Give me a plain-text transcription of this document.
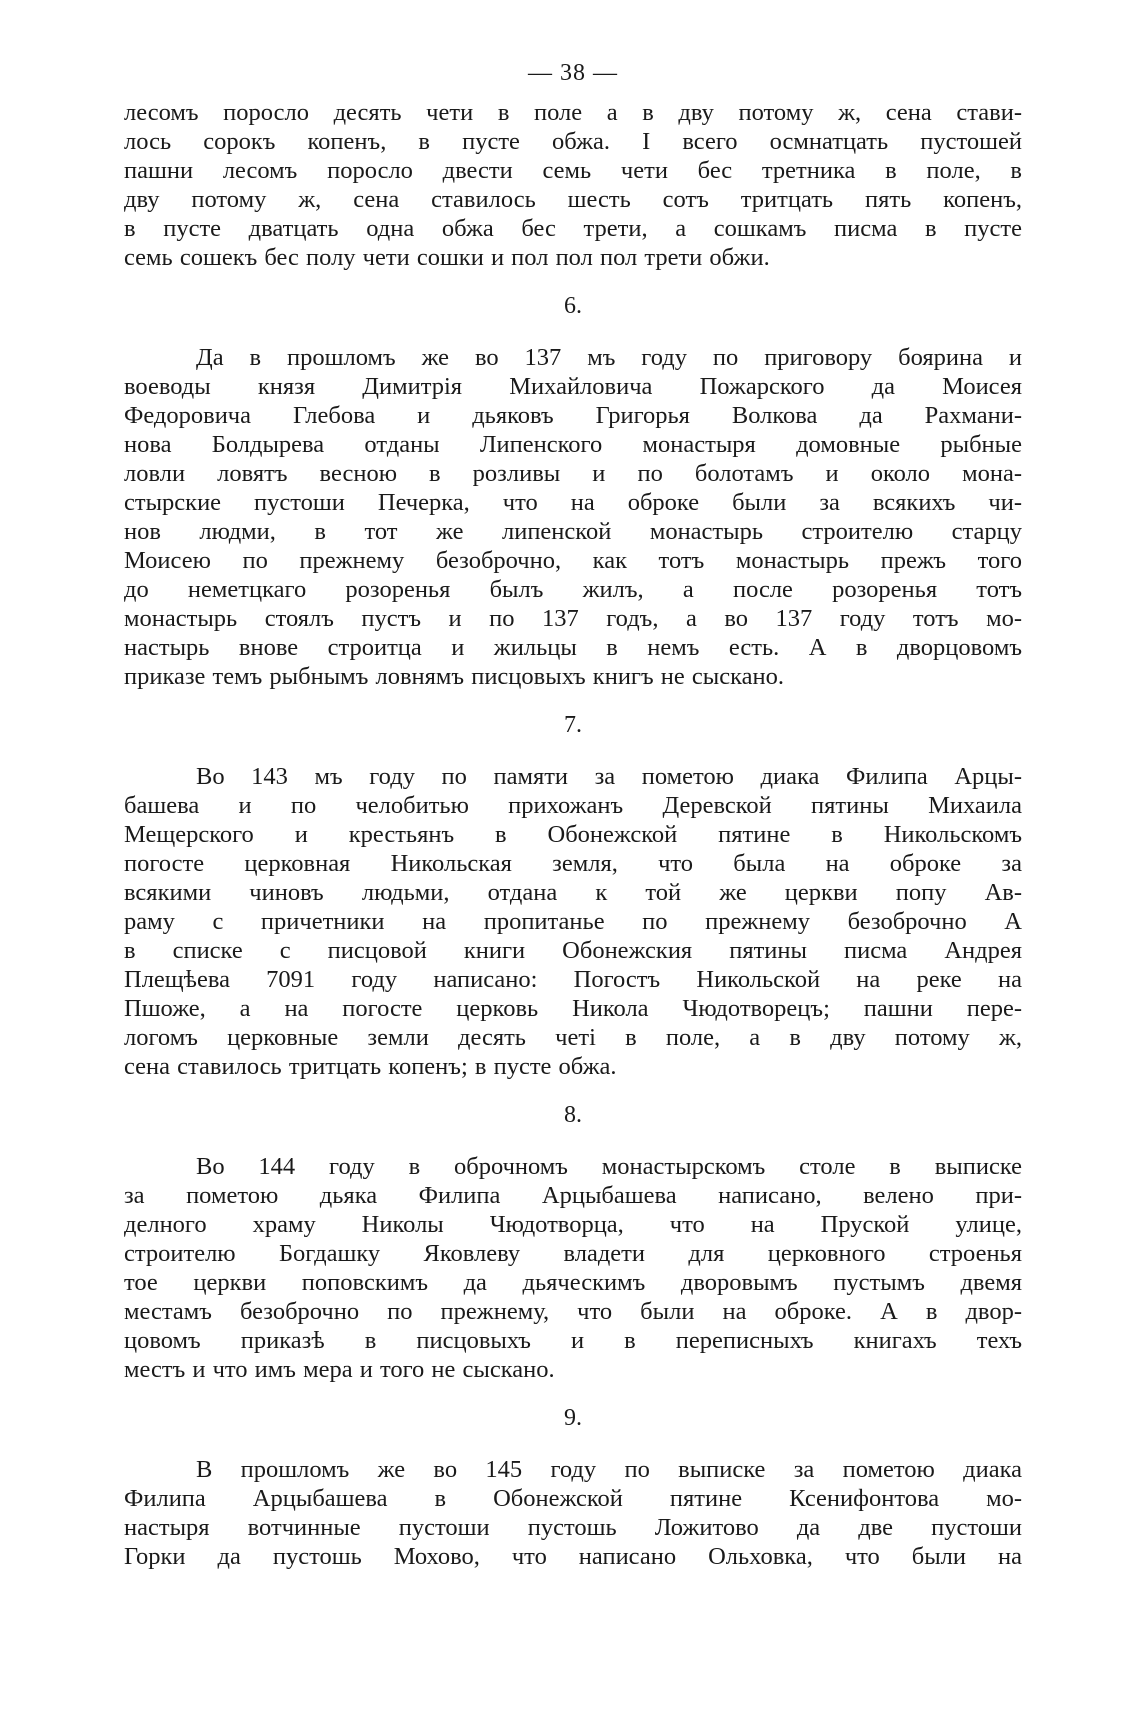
— 38 —
лесомъ поросло десять чети в поле а в дву потому ж, сена стави-
лось сорокъ копенъ, в пусте обжа. І всего осмнатцать пустошей
пашни лесомъ поросло двести семь чети бес третника в поле, в
дву потому ж, сена ставилось шесть сотъ тритцать пять копенъ,
в пусте дватцать одна обжа бес трети, а сошкамъ писма в пусте
семь сошекъ бес полу чети сошки и пол пол пол трети обжи.
6.
Да в прошломъ же во 137 мъ году по приговору боярина и
воеводы князя Димитрія Михайловича Пожарского да Моисея
Федоровича Глебова и дьяковъ Григорья Волкова да Рахмани-
нова Болдырева отданы Липенского монастыря домовные рыбные
ловли ловятъ весною в розливы и по болотамъ и около мона-
стырские пустоши Печерка, что на оброке были за всякихъ чи-
нов людми, в тот же липенской монастырь строителю старцу
Моисею по прежнему безоброчно, как тотъ монастырь прежъ того
до неметцкаго розоренья былъ жилъ, а после розоренья тотъ
монастырь стоялъ пустъ и по 137 годъ, а во 137 году тотъ мо-
настырь внове строитца и жильцы в немъ есть. А в дворцовомъ
приказе темъ рыбнымъ ловнямъ писцовыхъ книгъ не сыскано.
7.
Во 143 мъ году по памяти за пометою диака Филипа Арцы-
башева и по челобитью прихожанъ Деревской пятины Михаила
Мещерского и крестьянъ в Обонежской пятине в Никольскомъ
погосте церковная Никольская земля, что была на оброке за
всякими чиновъ людьми, отдана к той же церкви попу Ав-
раму с причетники на пропитанье по прежнему безоброчно А
в списке с писцовой книги Обонежския пятины писма Андрея
Плещѣева 7091 году написано: Погостъ Никольской на реке на
Пшоже, а на погосте церковь Никола Чюдотворецъ; пашни пере-
логомъ церковные земли десять четі в поле, а в дву потому ж,
сена ставилось тритцать копенъ; в пусте обжа.
8.
Во 144 году в оброчномъ монастырскомъ столе в выписке
за пометою дьяка Филипа Арцыбашева написано, велено при-
делного храму Николы Чюдотворца, что на Пруской улице,
строителю Богдашку Яковлеву владети для церковного строенья
тое церкви поповскимъ да дьяческимъ дворовымъ пустымъ двемя
местамъ безоброчно по прежнему, что были на оброке. А в двор-
цовомъ приказѣ в писцовыхъ и в переписныхъ книгахъ техъ
местъ и что имъ мера и того не сыскано.
9.
В прошломъ же во 145 году по выписке за пометою диака
Филипа Арцыбашева в Обонежской пятине Ксенифонтова мо-
настыря вотчинные пустоши пустошь Ложитово да две пустоши
Горки да пустошь Мохово, что написано Ольховка, что были на
